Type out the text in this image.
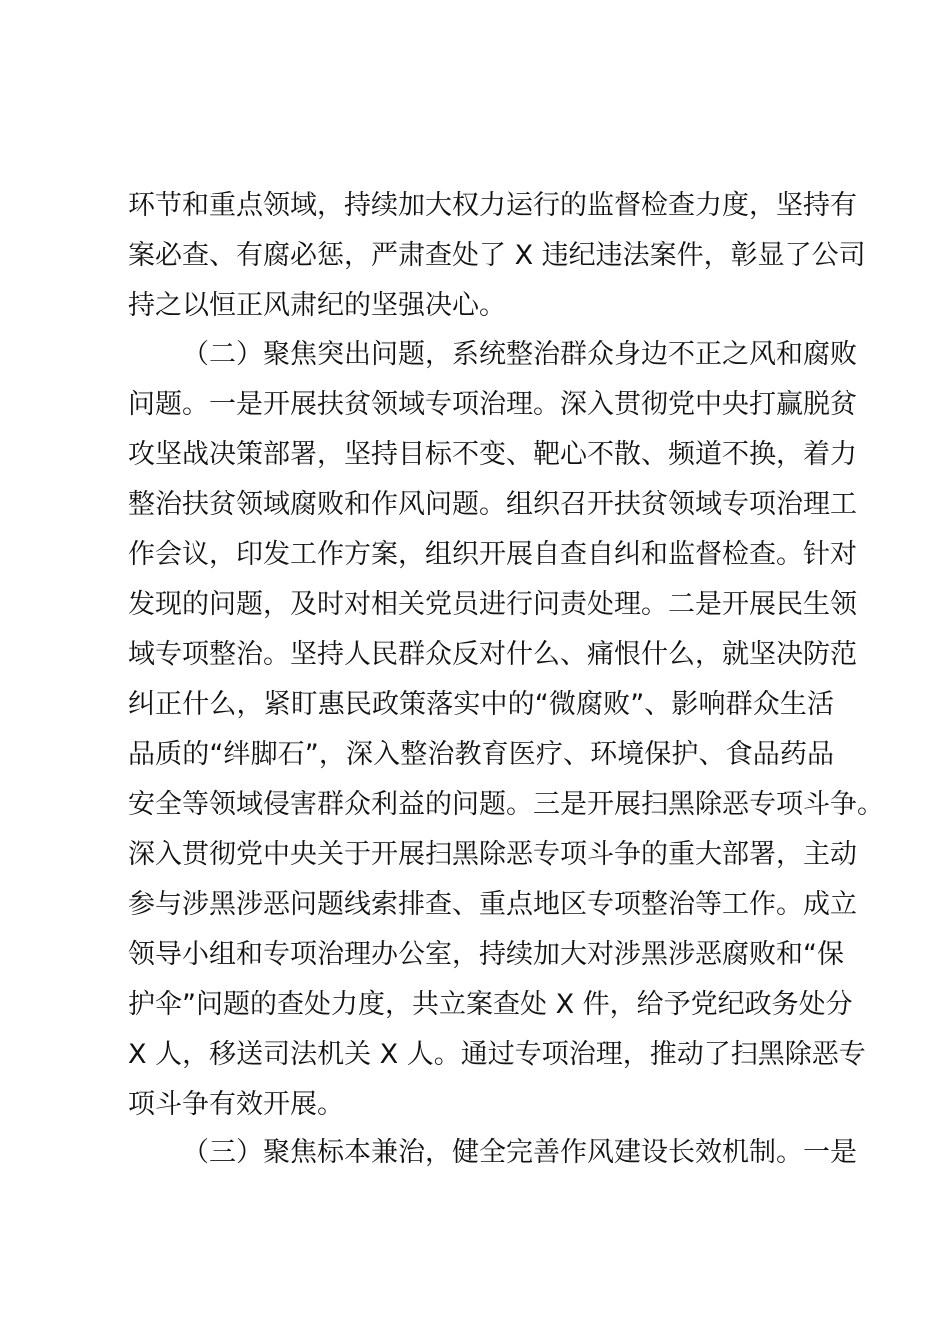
环节和重点领域，持续加大权力运行的监督检查力度，坚持有
案必查、有腐必惩，严肃查处了 X 违纪违法案件，彰显了公司
持之以恒正风肃纪的坚强决心。
（二）聚焦突出问题，系统整治群众身边不正之风和腐败
问题。一是开展扶贫领域专项治理。深入贯彻党中央打赢脱贫
攻坚战决策部署，坚持目标不变、靶心不散、频道不换，着力
整治扶贫领域腐败和作风问题。组织召开扶贫领域专项治理工
作会议，印发工作方案，组织开展自查自纠和监督检查。针对
发现的问题，及时对相关党员进行问责处理。二是开展民生领
域专项整治。坚持人民群众反对什么、痛恨什么，就坚决防范
纠正什么，紧盯惠民政策落实中的“微腐败”、影响群众生活
品质的“绊脚石”，深入整治教育医疗、环境保护、食品药品
安全等领域侵害群众利益的问题。三是开展扫黑除恶专项斗争。
深入贯彻党中央关于开展扫黑除恶专项斗争的重大部署，主动
参与涉黑涉恶问题线索排查、重点地区专项整治等工作。成立
领导小组和专项治理办公室，持续加大对涉黑涉恶腐败和“保
护伞”问题的查处力度，共立案查处 X 件，给予党纪政务处分
X 人，移送司法机关 X 人。通过专项治理，推动了扫黑除恶专
项斗争有效开展。
（三）聚焦标本兼治，健全完善作风建设长效机制。一是
